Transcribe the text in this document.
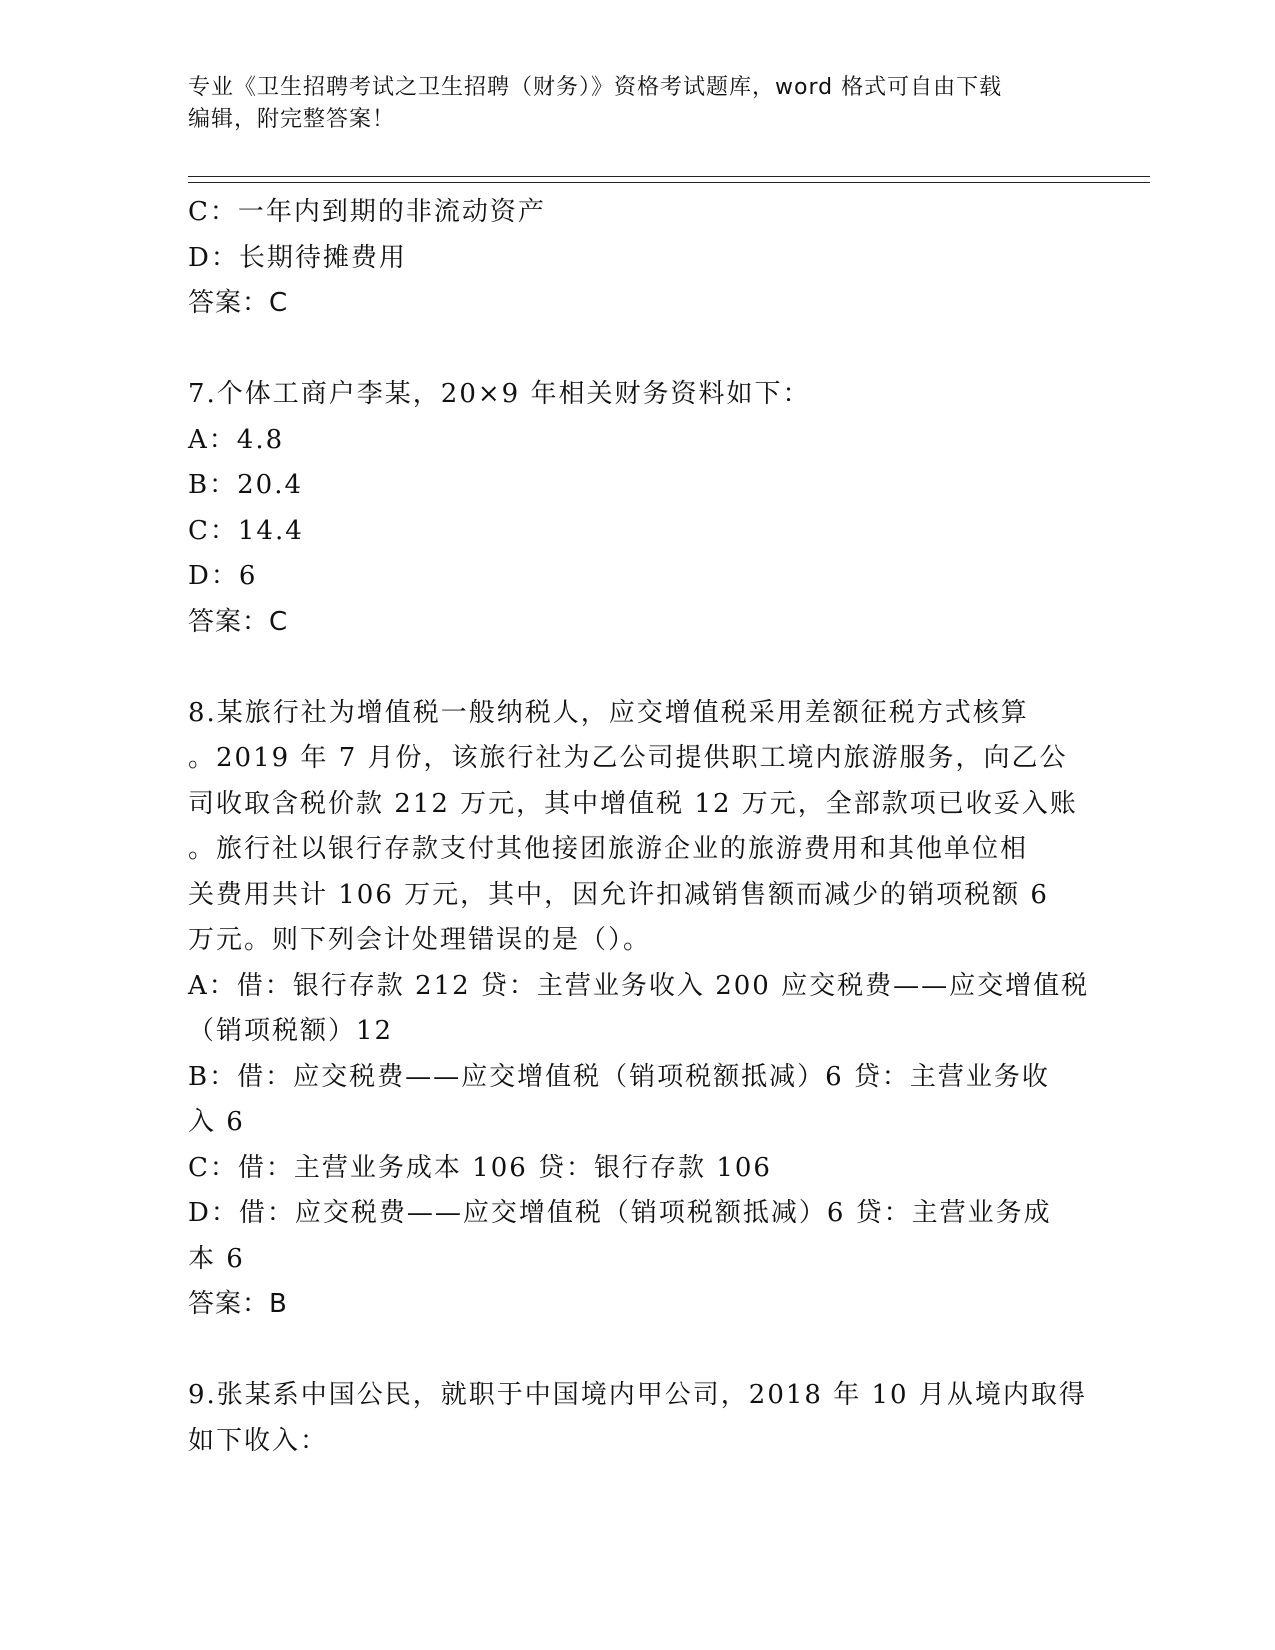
专业《卫生招聘考试之卫生招聘（财务）》资格考试题库，word 格式可自由下载
编辑，附完整答案！
C：一年内到期的非流动资产
D：长期待摊费用
答案：C
7.个体工商户李某，20×9 年相关财务资料如下：
A：4.8
B：20.4
C：14.4
D：6
答案：C
8.某旅行社为增值税一般纳税人，应交增值税采用差额征税方式核算
。2019 年 7 月份，该旅行社为乙公司提供职工境内旅游服务，向乙公
司收取含税价款 212 万元，其中增值税 12 万元，全部款项已收妥入账
。旅行社以银行存款支付其他接团旅游企业的旅游费用和其他单位相
关费用共计 106 万元，其中，因允许扣减销售额而减少的销项税额 6
万元。则下列会计处理错误的是（）。
A：借：银行存款 212 贷：主营业务收入 200 应交税费——应交增值税
（销项税额）12
B：借：应交税费——应交增值税（销项税额抵减）6 贷：主营业务收
入 6
C：借：主营业务成本 106 贷：银行存款 106
D：借：应交税费——应交增值税（销项税额抵减）6 贷：主营业务成
本 6
答案：B
9.张某系中国公民，就职于中国境内甲公司，2018 年 10 月从境内取得
如下收入：
